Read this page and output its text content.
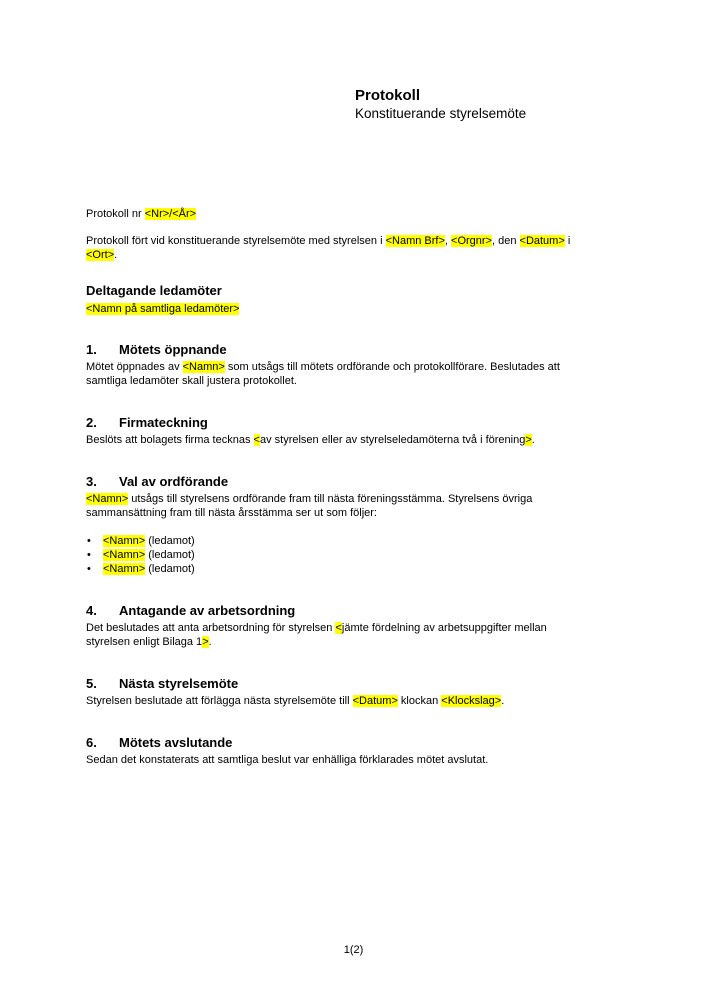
Protokoll

Konstituerande styrelsemöte

Protokoll nr <Nr>/<År>

Protokoll fört vid konstituerande styrelsemöte med styrelsen i <Namn Brf>, <Orgnr>, den <Datum> i
<Ort>.

Deltagande ledamöter

<Namn på samtliga ledamöter>

1. Mötets öppnande

Mötet öppnades av <Namn> som utsågs till mötets ordförande och protokollförare. Beslutades att
samtliga ledamöter skall justera protokollet.

2. Firmateckning

Beslöts att bolagets firma tecknas <av styrelsen eller av styrelseledamöterna två i förening>.

3. Val av ordförande

<Namn> utsågs till styrelsens ordförande fram till nästa föreningsstämma. Styrelsens övriga
sammansättning fram till nästa årsstämma ser ut som följer:

• <Namn> (ledamot)
• <Namn> (ledamot)
• <Namn> (ledamot)

4. Antagande av arbetsordning

Det beslutades att anta arbetsordning för styrelsen <jämte fördelning av arbetsuppgifter mellan
styrelsen enligt Bilaga 1>.

5. Nästa styrelsemöte

Styrelsen beslutade att förlägga nästa styrelsemöte till <Datum> klockan <Klockslag>.

6. Mötets avslutande

Sedan det konstaterats att samtliga beslut var enhälliga förklarades mötet avslutat.

1(2)
